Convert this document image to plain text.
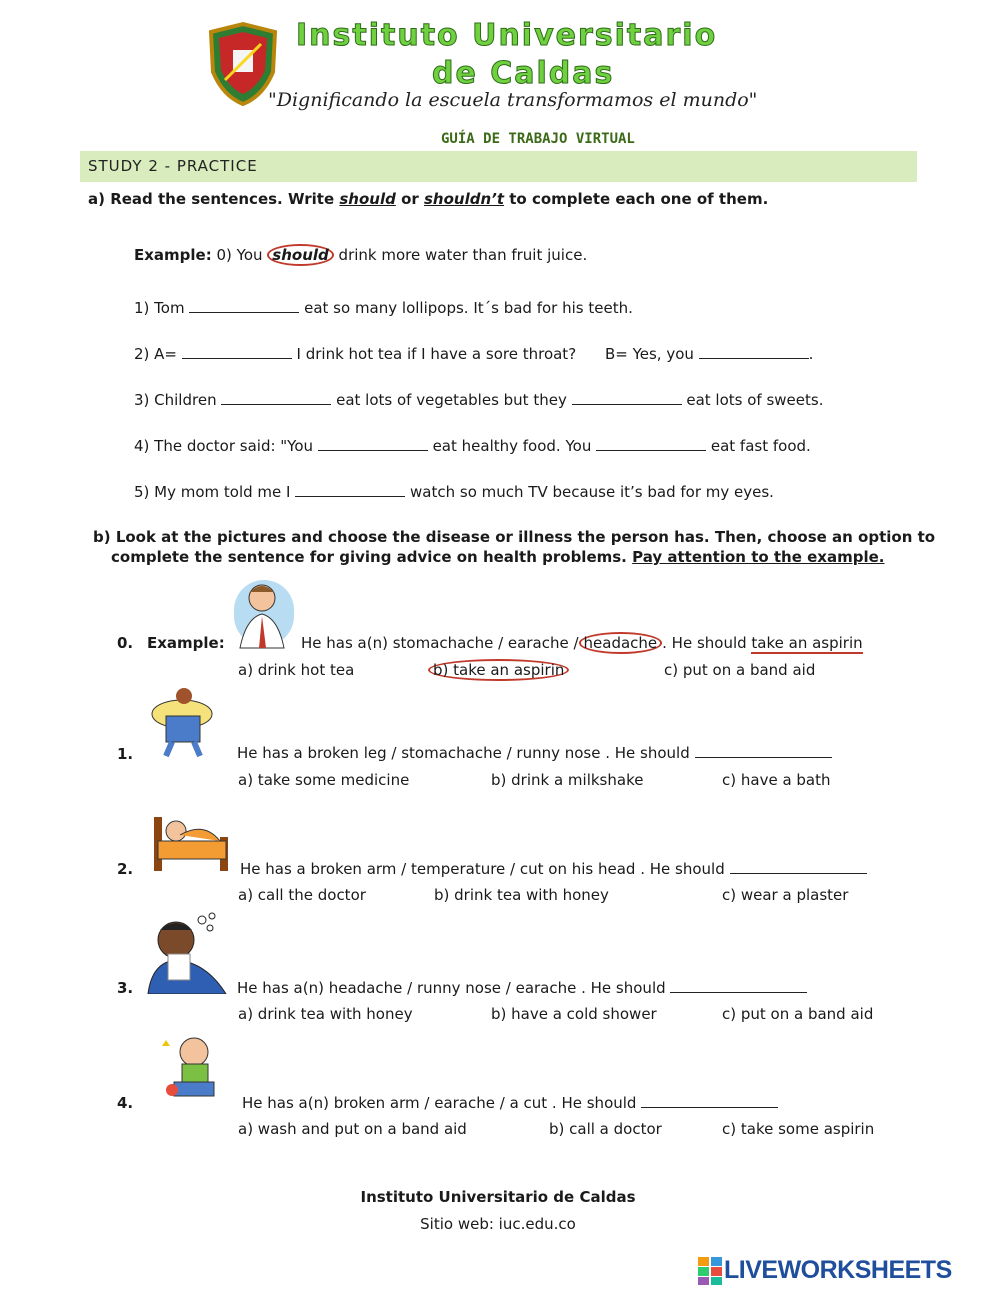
Instituto Universitario
de Caldas
"Dignificando la escuela transformamos el mundo"
GUÍA DE TRABAJO VIRTUAL
STUDY 2 - PRACTICE
a) Read the sentences. Write should or shouldn’t to complete each one of them.
Example: 0) You should drink more water than fruit juice.
1) Tom	eat so many lollipops. It´s bad for his teeth.
2) A=	I drink hot tea if I have a sore throat? B= Yes, you	.
3) Children	eat lots of vegetables but they	eat lots of sweets.
4) The doctor said: "You	eat healthy food. You	eat fast food.
5) My mom told me I	watch so much TV because it’s bad for my eyes.
b) Look at the pictures and choose the disease or illness the person has. Then, choose an option to
complete the sentence for giving advice on health problems. Pay attention to the example.
0. Example:	He has a(n) stomachache / earache / headache . He should take an aspirin
a) drink hot tea	b) take an aspirin	c) put on a band aid
1.	He has a broken leg / stomachache / runny nose . He should
a) take some medicine	b) drink a milkshake	c) have a bath
2.	He has a broken arm / temperature / cut on his head . He should
a) call the doctor	b) drink tea with honey	c) wear a plaster
3.	He has a(n) headache / runny nose / earache . He should
a) drink tea with honey	b) have a cold shower	c) put on a band aid
4.	He has a(n) broken arm / earache / a cut . He should
a) wash and put on a band aid	b) call a doctor	c) take some aspirin
Instituto Universitario de Caldas
Sitio web: iuc.edu.co
LIVEWORKSHEETS
